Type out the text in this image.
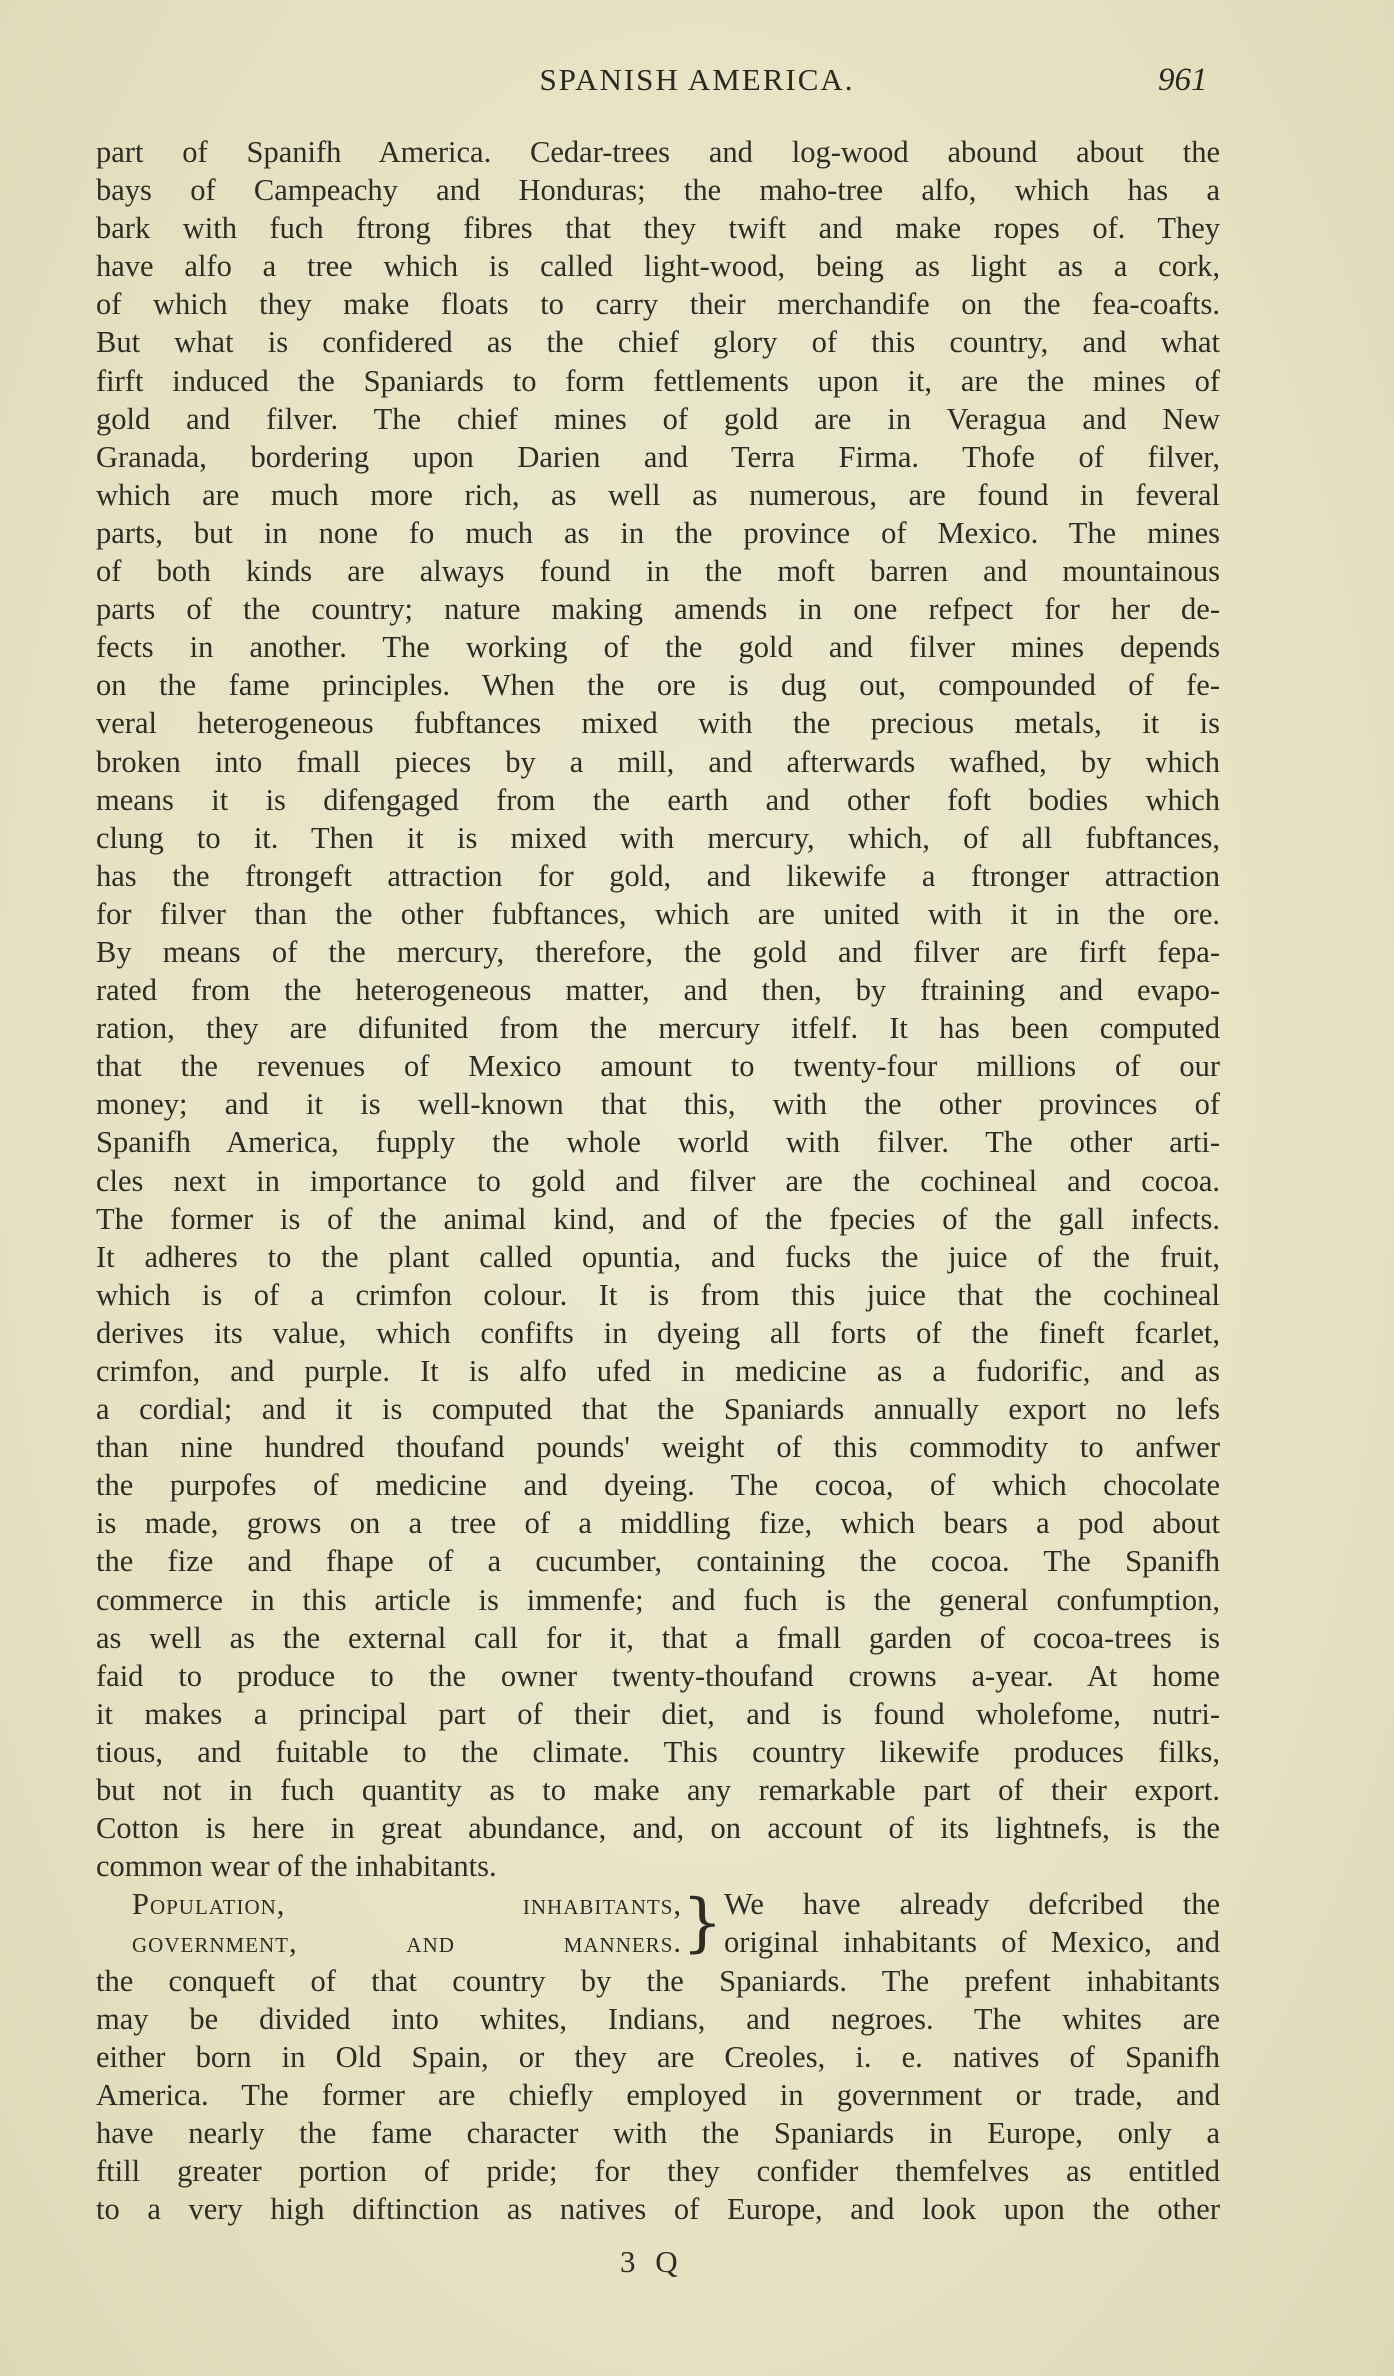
SPANISH AMERICA.	961
part of Spanifh America. Cedar-trees and log-wood abound about the
bays of Campeachy and Honduras; the maho-tree alfo, which has a
bark with fuch ftrong fibres that they twift and make ropes of. They
have alfo a tree which is called light-wood, being as light as a cork,
of which they make floats to carry their merchandife on the fea-coafts.
But what is confidered as the chief glory of this country, and what
firft induced the Spaniards to form fettlements upon it, are the mines of
gold and filver. The chief mines of gold are in Veragua and New
Granada, bordering upon Darien and Terra Firma. Thofe of filver,
which are much more rich, as well as numerous, are found in feveral
parts, but in none fo much as in the province of Mexico. The mines
of both kinds are always found in the moft barren and mountainous
parts of the country; nature making amends in one refpect for her de-
fects in another. The working of the gold and filver mines depends
on the fame principles. When the ore is dug out, compounded of fe-
veral heterogeneous fubftances mixed with the precious metals, it is
broken into fmall pieces by a mill, and afterwards wafhed, by which
means it is difengaged from the earth and other foft bodies which
clung to it. Then it is mixed with mercury, which, of all fubftances,
has the ftrongeft attraction for gold, and likewife a ftronger attraction
for filver than the other fubftances, which are united with it in the ore.
By means of the mercury, therefore, the gold and filver are firft fepa-
rated from the heterogeneous matter, and then, by ftraining and evapo-
ration, they are difunited from the mercury itfelf. It has been computed
that the revenues of Mexico amount to twenty-four millions of our
money; and it is well-known that this, with the other provinces of
Spanifh America, fupply the whole world with filver. The other arti-
cles next in importance to gold and filver are the cochineal and cocoa.
The former is of the animal kind, and of the fpecies of the gall infects.
It adheres to the plant called opuntia, and fucks the juice of the fruit,
which is of a crimfon colour. It is from this juice that the cochineal
derives its value, which confifts in dyeing all forts of the fineft fcarlet,
crimfon, and purple. It is alfo ufed in medicine as a fudorific, and as
a cordial; and it is computed that the Spaniards annually export no lefs
than nine hundred thoufand pounds' weight of this commodity to anfwer
the purpofes of medicine and dyeing. The cocoa, of which chocolate
is made, grows on a tree of a middling fize, which bears a pod about
the fize and fhape of a cucumber, containing the cocoa. The Spanifh
commerce in this article is immenfe; and fuch is the general confumption,
as well as the external call for it, that a fmall garden of cocoa-trees is
faid to produce to the owner twenty-thoufand crowns a-year. At home
it makes a principal part of their diet, and is found wholefome, nutri-
tious, and fuitable to the climate. This country likewife produces filks,
but not in fuch quantity as to make any remarkable part of their export.
Cotton is here in great abundance, and, on account of its lightnefs, is the
common wear of the inhabitants.
Population, inhabitants,
government, and manners. } We have already defcribed the
original inhabitants of Mexico, and
the conqueft of that country by the Spaniards. The prefent inhabitants
may be divided into whites, Indians, and negroes. The whites are
either born in Old Spain, or they are Creoles, i. e. natives of Spanifh
America. The former are chiefly employed in government or trade, and
have nearly the fame character with the Spaniards in Europe, only a
ftill greater portion of pride; for they confider themfelves as entitled
to a very high diftinction as natives of Europe, and look upon the other
3 Q
